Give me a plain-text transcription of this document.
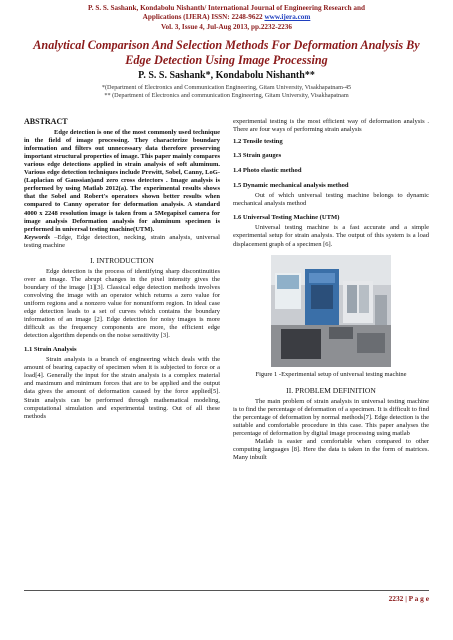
P. S. S. Sashank, Kondabolu Nishanth/ International Journal of Engineering Research and
Applications (IJERA) ISSN: 2248-9622 www.ijera.com
Vol. 3, Issue 4, Jul-Aug 2013, pp.2232-2236
Analytical Comparison And Selection Methods For Deformation Analysis By Edge Detection Using Image Processing
P. S. S. Sashank*, Kondabolu Nishanth**
*(Department of Electronics and Communication Engineering, Gitam University, Visakhapatnam-45
** (Department of Electronics and communication Engineering, Gitam University, Visakhapatnam
ABSTRACT

Edge detection is one of the most commonly used technique in the field of image processing. They characterize boundary information and filters out unnecessary data therefore preserving important structural properties of image. This paper mainly compares various edge detections applied in strain analysis of soft aluminum. Various edge detection techniques include Prewitt, Sobel, Canny, LoG-(Laplacian of Gaussian)and zero cross detectors . Image analysis is performed by using Matlab 2012(a). The experimental results shows that the Sobel and Robert's operators shown better results when compared to Canny operator for deformation analysis. A standard 4000 x 2248 resolution image is taken from a 5Megapixel camera for image analysis Deformation analysis for aluminum specimen is performed in universal testing machine(UTM).

Keywords –Edge, Edge detection, necking, strain analysis, universal testing machine

I. INTRODUCTION

Edge detection is the process of identifying sharp discontinuities over an image. The abrupt changes in the pixel intensity gives the boundary of the image [1][3]. Classical edge detection methods involves convolving the image with an operator which returns a zero value for uniform regions and a nonzero value for nonuniform region. In ideal case edge detection leads to a set of curves which contains the boundary information of an image [2]. Edge detection for noisy images is more difficult as the frequency components are more, the efficient edge detection algorithm depends on the noise sensitivity [3].

1.1 Strain Analysis

Strain analysis is a branch of engineering which deals with the amount of bearing capacity of specimen when it is subjected to force or a load[4]. Generally the input for the strain analysis is a complex material and maximum and minimum forces that are to be applied and the output data gives the amount of deformation caused by the force applied[5]. Strain analysis can be performed through mathematical modeling, computational simulation and experimental testing. Out of all these methods

experimental testing is the most efficient way of deformation analysis . There are four ways of performing strain analysis

1.2 Tensile testing
1.3 Strain gauges
1.4 Photo elastic method
1.5 Dynamic mechanical analysis method

Out of which universal testing machine belongs to dynamic mechanical analysis method

1.6 Universal Testing Machine (UTM)

Universal testing machine is a fast accurate and a simple experimental setup for strain analysis. The output of this system is a load displacement graph of a specimen [6].

Figure 1 -Experimental setup of universal testing machine
II. PROBLEM DEFINITION

The main problem of strain analysis in universal testing machine is to find the percentage of deformation of a specimen. It is difficult to find the percentage of deformation by normal methods[7]. Edge detection is the suitable and comfortable procedure in this case. This paper analyses the percentage of deformation by digital image processing using matlab

Matlab is easier and comfortable when compared to other computing languages [8]. Here the data is taken in the form of matrices. Many inbuilt

2232 | P a g e
